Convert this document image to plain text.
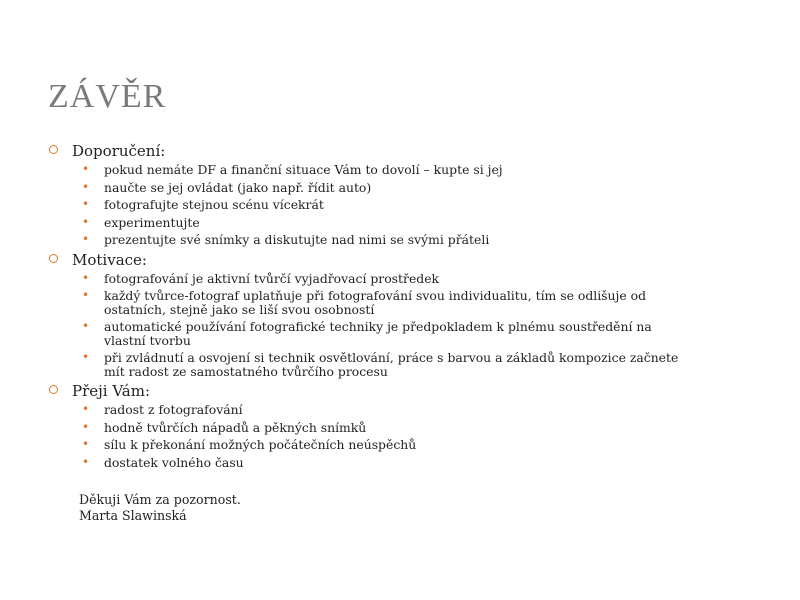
ZÁVĚR
Doporučení:
• pokud nemáte DF a finanční situace Vám to dovolí – kupte si jej
• naučte se jej ovládat (jako např. řídit auto)
• fotografujte stejnou scénu vícekrát
• experimentujte
• prezentujte své snímky a diskutujte nad nimi se svými přáteli
Motivace:
• fotografování je aktivní tvůrčí vyjadřovací prostředek
• každý tvůrce-fotograf uplatňuje při fotografování svou individualitu, tím se odlišuje od ostatních, stejně jako se liší svou osobností
• automatické používání fotografické techniky je předpokladem k plnému soustředění na vlastní tvorbu
• při zvládnutí a osvojení si technik osvětlování, práce s barvou a základů kompozice začnete mít radost ze samostatného tvůrčího procesu
Přeji Vám:
• radost z fotografování
• hodně tvůrčích nápadů a pěkných snímků
• sílu k překonání možných počátečních neúspěchů
• dostatek volného času
Děkuji Vám za pozornost.
Marta Slawinská
